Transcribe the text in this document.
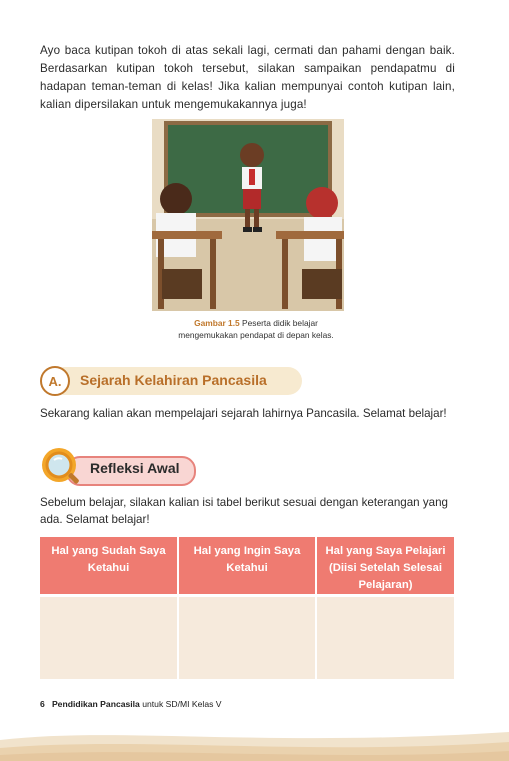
Ayo baca kutipan tokoh di atas sekali lagi, cermati dan pahami dengan baik. Berdasarkan kutipan tokoh tersebut, silakan sampaikan pendapatmu di hadapan teman-teman di kelas! Jika kalian mempunyai contoh kutipan lain, kalian dipersilakan untuk mengemukakannya juga!
Gambar 1.5 Peserta didik belajar
mengemukakan pendapat di depan kelas.
A.	Sejarah Kelahiran Pancasila
Sekarang kalian akan mempelajari sejarah lahirnya Pancasila. Selamat belajar!
Refleksi Awal
Sebelum belajar, silakan kalian isi tabel berikut sesuai dengan keterangan yang ada. Selamat belajar!
Hal yang Sudah Saya Ketahui	Hal yang Ingin Saya Ketahui	Hal yang Saya Pelajari (Diisi Setelah Selesai Pelajaran)

6 Pendidikan Pancasila untuk SD/MI Kelas V
